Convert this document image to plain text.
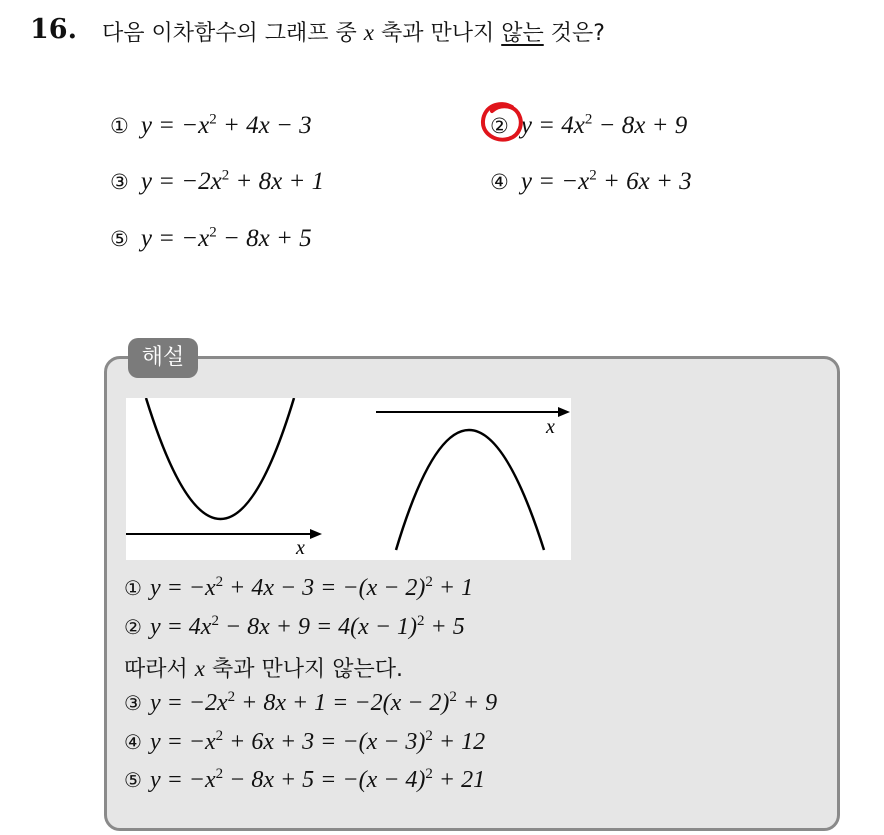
16. 다음 이차함수의 그래프 중 x 축과 만나지 않는 것은?
① $y = -x^2 + 4x - 3$	② $y = 4x^2 - 8x + 9$
③ $y = -2x^2 + 8x + 1$	④ $y = -x^2 + 6x + 3$
⑤ $y = -x^2 - 8x + 5$
해설
x
x
① $y = -x^2 + 4x - 3 = -(x - 2)^2 + 1$
② $y = 4x^2 - 8x + 9 = 4(x - 1)^2 + 5$
따라서 x 축과 만나지 않는다.
③ $y = -2x^2 + 8x + 1 = -2(x - 2)^2 + 9$
④ $y = -x^2 + 6x + 3 = -(x - 3)^2 + 12$
⑤ $y = -x^2 - 8x + 5 = -(x - 4)^2 + 21$
